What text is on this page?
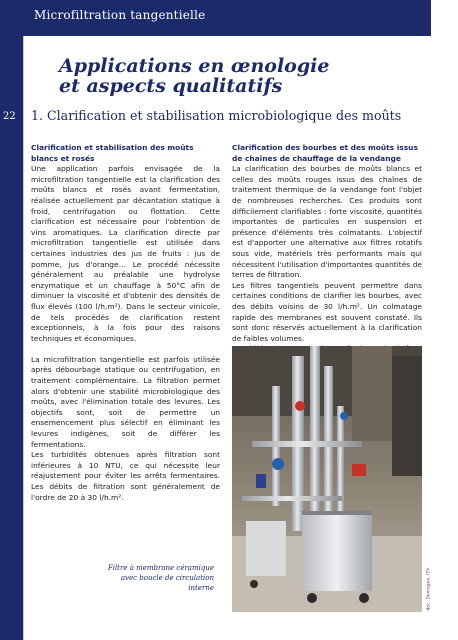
Microfiltration tangentielle
22
Applications en œnologie
et aspects qualitatifs
1. Clarification et stabilisation microbiologique des moûts

Clarification et stabilisation des moûts blancs et rosés

Une application parfois envisagée de la microfiltration tangentielle est la clarification des moûts blancs et rosés avant fermentation, réalisée actuellement par décantation statique à froid, centrifugation ou flottation. Cette clarification est nécessaire pour l'obtention de vins aromatiques. La clarification directe par microfiltration tangentielle est utilisée dans certaines industries des jus de fruits : jus de pomme, jus d'orange… Le procédé nécessite généralement au préalable une hydrolyse enzymatique et un chauffage à 50°C afin de diminuer la viscosité et d'obtenir des densités de flux élevés (100 l/h.m²). Dans le secteur vinicole, de tels procédés de clarification restent exceptionnels, à la fois pour des raisons techniques et économiques.

La microfiltration tangentielle est parfois utilisée après débourbage statique ou centrifugation, en traitement complémentaire. La filtration permet alors d'obtenir une stabilité microbiologique des moûts, avec l'élimination totale des levures. Les objectifs sont, soit de permettre un ensemencement plus sélectif en éliminant les levures indigènes, soit de différer les fermentations.

Les turbidités obtenues après filtration sont inférieures à 10 NTU, ce qui nécessite leur réajustement pour éviter les arrêts fermentaires. Les débits de filtration sont généralement de l'ordre de 20 à 30 l/h.m².

Clarification des bourbes et des moûts issus de chaînes de chauffage de la vendange

La clarification des bourbes de moûts blancs et celles des moûts rouges issus des chaînes de traitement thermique de la vendange font l'objet de nombreuses recherches. Ces produits sont difficilement clarifiables : forte viscosité, quantités importantes de particules en suspension et présence d'éléments très colmatants. L'objectif est d'apporter une alternative aux filtres rotatifs sous vide, matériels très performants mais qui nécessitent l'utilisation d'importantes quantités de terres de filtration.

Les filtres tangentiels peuvent permettre dans certaines conditions de clarifier les bourbes, avec des débits voisins de 30 l/h.m². Un colmatage rapide des membranes est souvent constaté. Ils sont donc réservés actuellement à la clarification de faibles volumes.

Filtre à membrane céramique
avec boucle de circulation interne	doc. Domagne, ITV
